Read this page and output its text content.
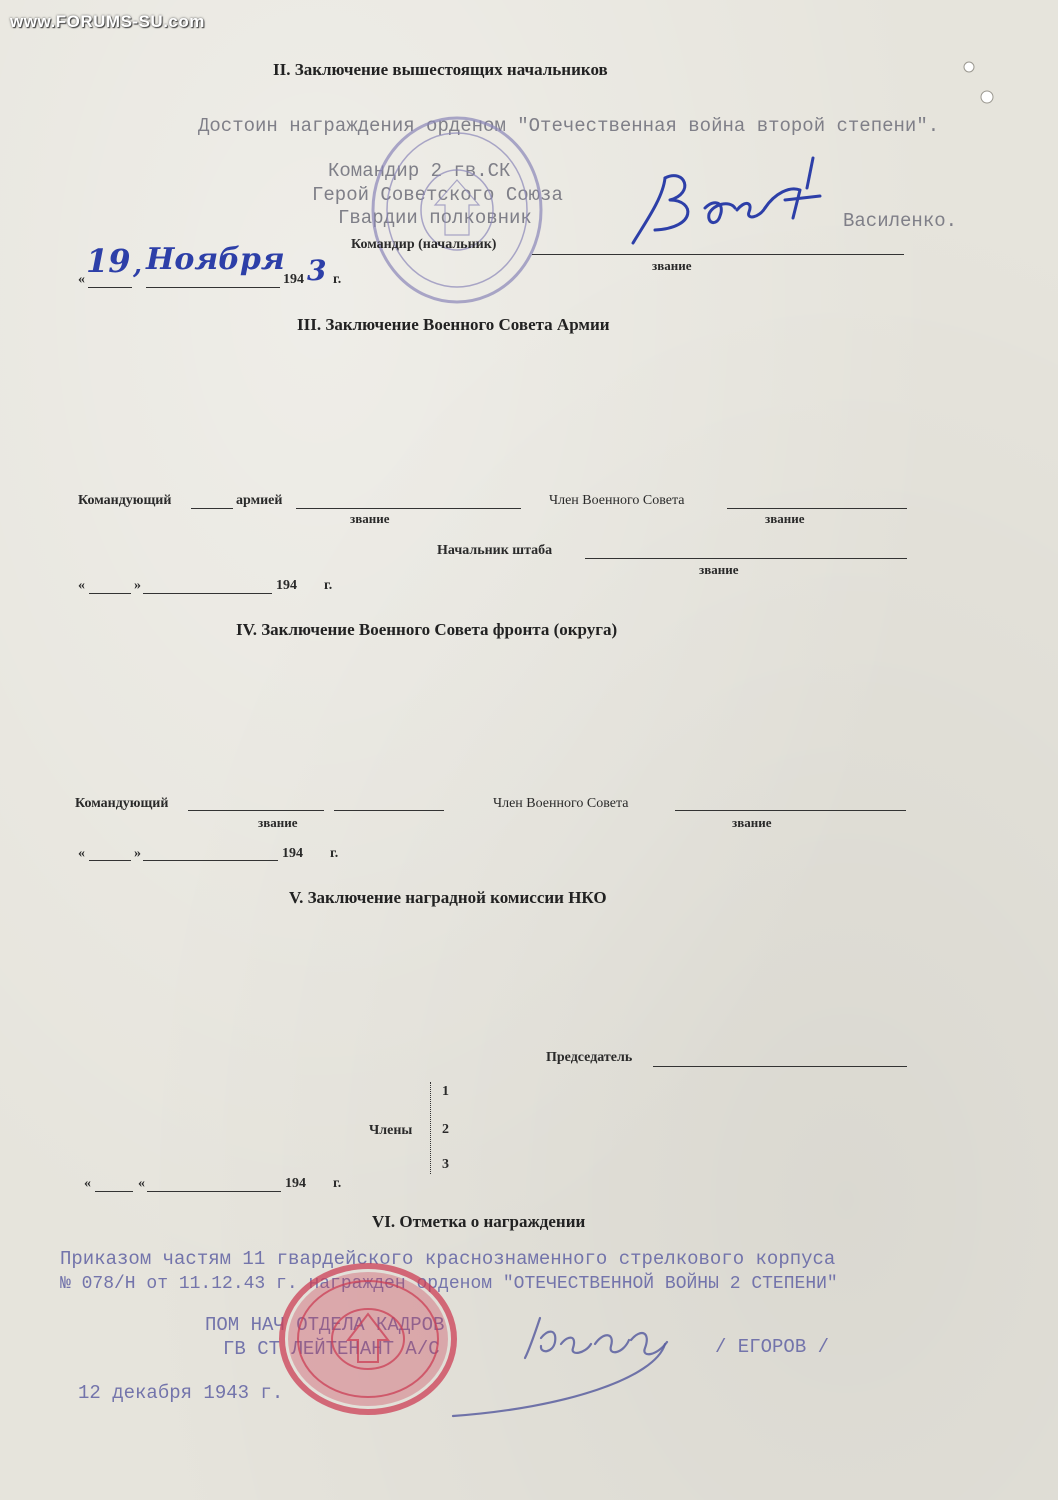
www.FORUMS-SU.com
II. Заключение вышестоящих начальников
Достоин награждения орденом "Отечественная война второй степени".
Командир 2 гв.СК
Герой Советского Союза
Гвардии полковник	Василенко.
Командир (начальник)
звание
« 19 , Ноября
194 3 г.
III. Заключение Военного Совета Армии
Командующий	армией
звание
Член Военного Совета
звание
Начальник штаба
звание
«	»	194 г.
IV. Заключение Военного Совета фронта (округа)
Командующий
звание
Член Военного Совета
звание
«	»	194 г.
V. Заключение наградной комиссии НКО
Председатель
Члены
1
2
3
«	«	194 г.
VI. Отметка о награждении
Приказом частям 11 гвардейского краснознаменного стрелкового корпуса
№ 078/Н от 11.12.43 г. награжден орденом "ОТЕЧЕСТВЕННОЙ ВОЙНЫ 2 СТЕПЕНИ"
ПОМ НАЧ ОТДЕЛА КАДРОВ
ГВ СТ ЛЕЙТЕНАНТ А/С	/ ЕГОРОВ /
12 декабря 1943 г.
